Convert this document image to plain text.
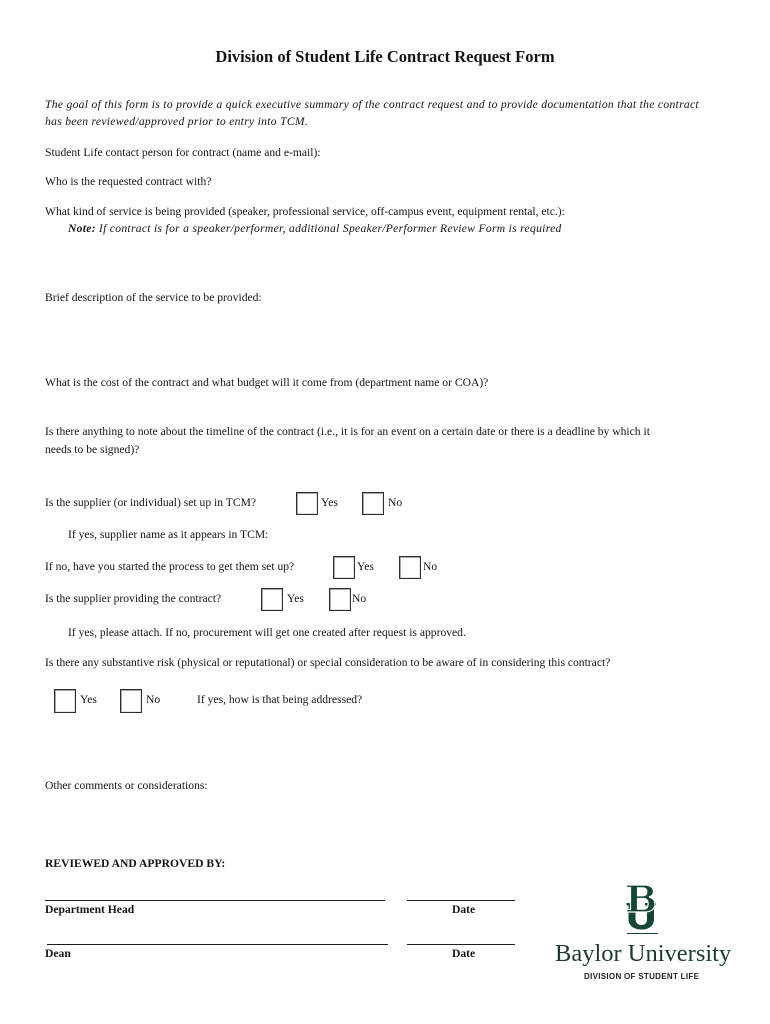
Division of Student Life Contract Request Form
The goal of this form is to provide a quick executive summary of the contract request and to provide documentation that the contract
has been reviewed/approved prior to entry into TCM.
Student Life contact person for contract (name and e-mail):
Who is the requested contract with?
What kind of service is being provided (speaker, professional service, off-campus event, equipment rental, etc.):
Note: If contract is for a speaker/performer, additional Speaker/Performer Review Form is required
Brief description of the service to be provided:
What is the cost of the contract and what budget will it come from (department name or COA)?
Is there anything to note about the timeline of the contract (i.e., it is for an event on a certain date or there is a deadline by which it
needs to be signed)?
Is the supplier (or individual) set up in TCM?	Yes	No
If yes, supplier name as it appears in TCM:
If no, have you started the process to get them set up?	Yes	No
Is the supplier providing the contract?	Yes	No
If yes, please attach. If no, procurement will get one created after request is approved.
Is there any substantive risk (physical or reputational) or special consideration to be aware of in considering this contract?
Yes	No	If yes, how is that being addressed?
Other comments or considerations:
REVIEWED AND APPROVED BY:
Department Head	Date
Dean	Date	Baylor University
DIVISION OF STUDENT LIFE
